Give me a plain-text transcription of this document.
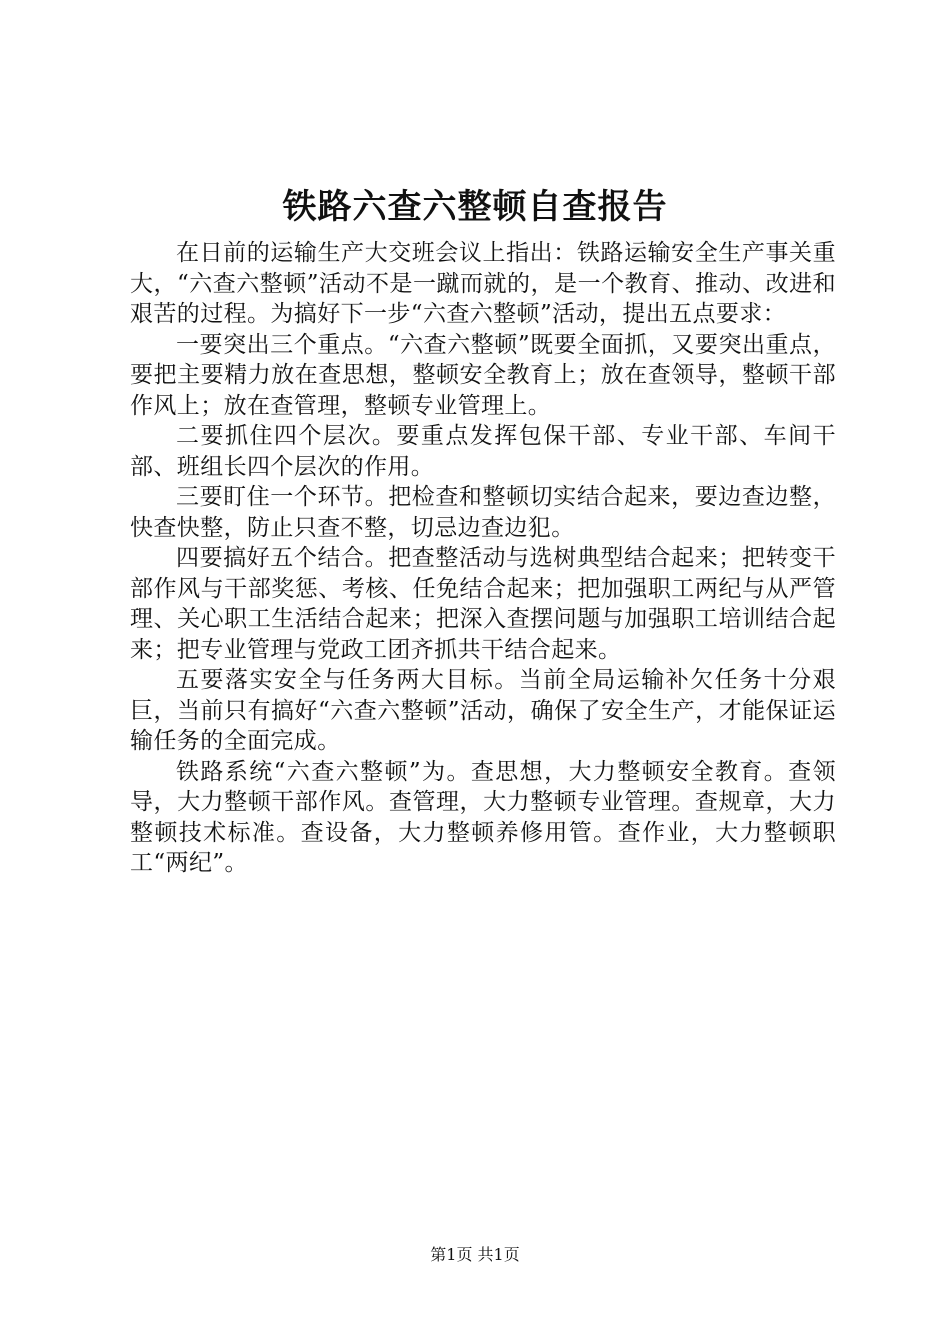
铁路六查六整顿自查报告

在日前的运输生产大交班会议上指出：铁路运输安全生产事关重大，“六查六整顿”活动不是一蹴而就的，是一个教育、推动、改进和艰苦的过程。为搞好下一步“六查六整顿”活动，提出五点要求：

一要突出三个重点。“六查六整顿”既要全面抓，又要突出重点，要把主要精力放在查思想，整顿安全教育上；放在查领导，整顿干部作风上；放在查管理，整顿专业管理上。

二要抓住四个层次。要重点发挥包保干部、专业干部、车间干部、班组长四个层次的作用。

三要盯住一个环节。把检查和整顿切实结合起来，要边查边整，快查快整，防止只查不整，切忌边查边犯。

四要搞好五个结合。把查整活动与选树典型结合起来；把转变干部作风与干部奖惩、考核、任免结合起来；把加强职工两纪与从严管理、关心职工生活结合起来；把深入查摆问题与加强职工培训结合起来；把专业管理与党政工团齐抓共干结合起来。

五要落实安全与任务两大目标。当前全局运输补欠任务十分艰巨，当前只有搞好“六查六整顿”活动，确保了安全生产，才能保证运输任务的全面完成。

铁路系统“六查六整顿”为。查思想，大力整顿安全教育。查领导，大力整顿干部作风。查管理，大力整顿专业管理。查规章，大力整顿技术标准。查设备，大力整顿养修用管。查作业，大力整顿职工“两纪”。

第1页 共1页
